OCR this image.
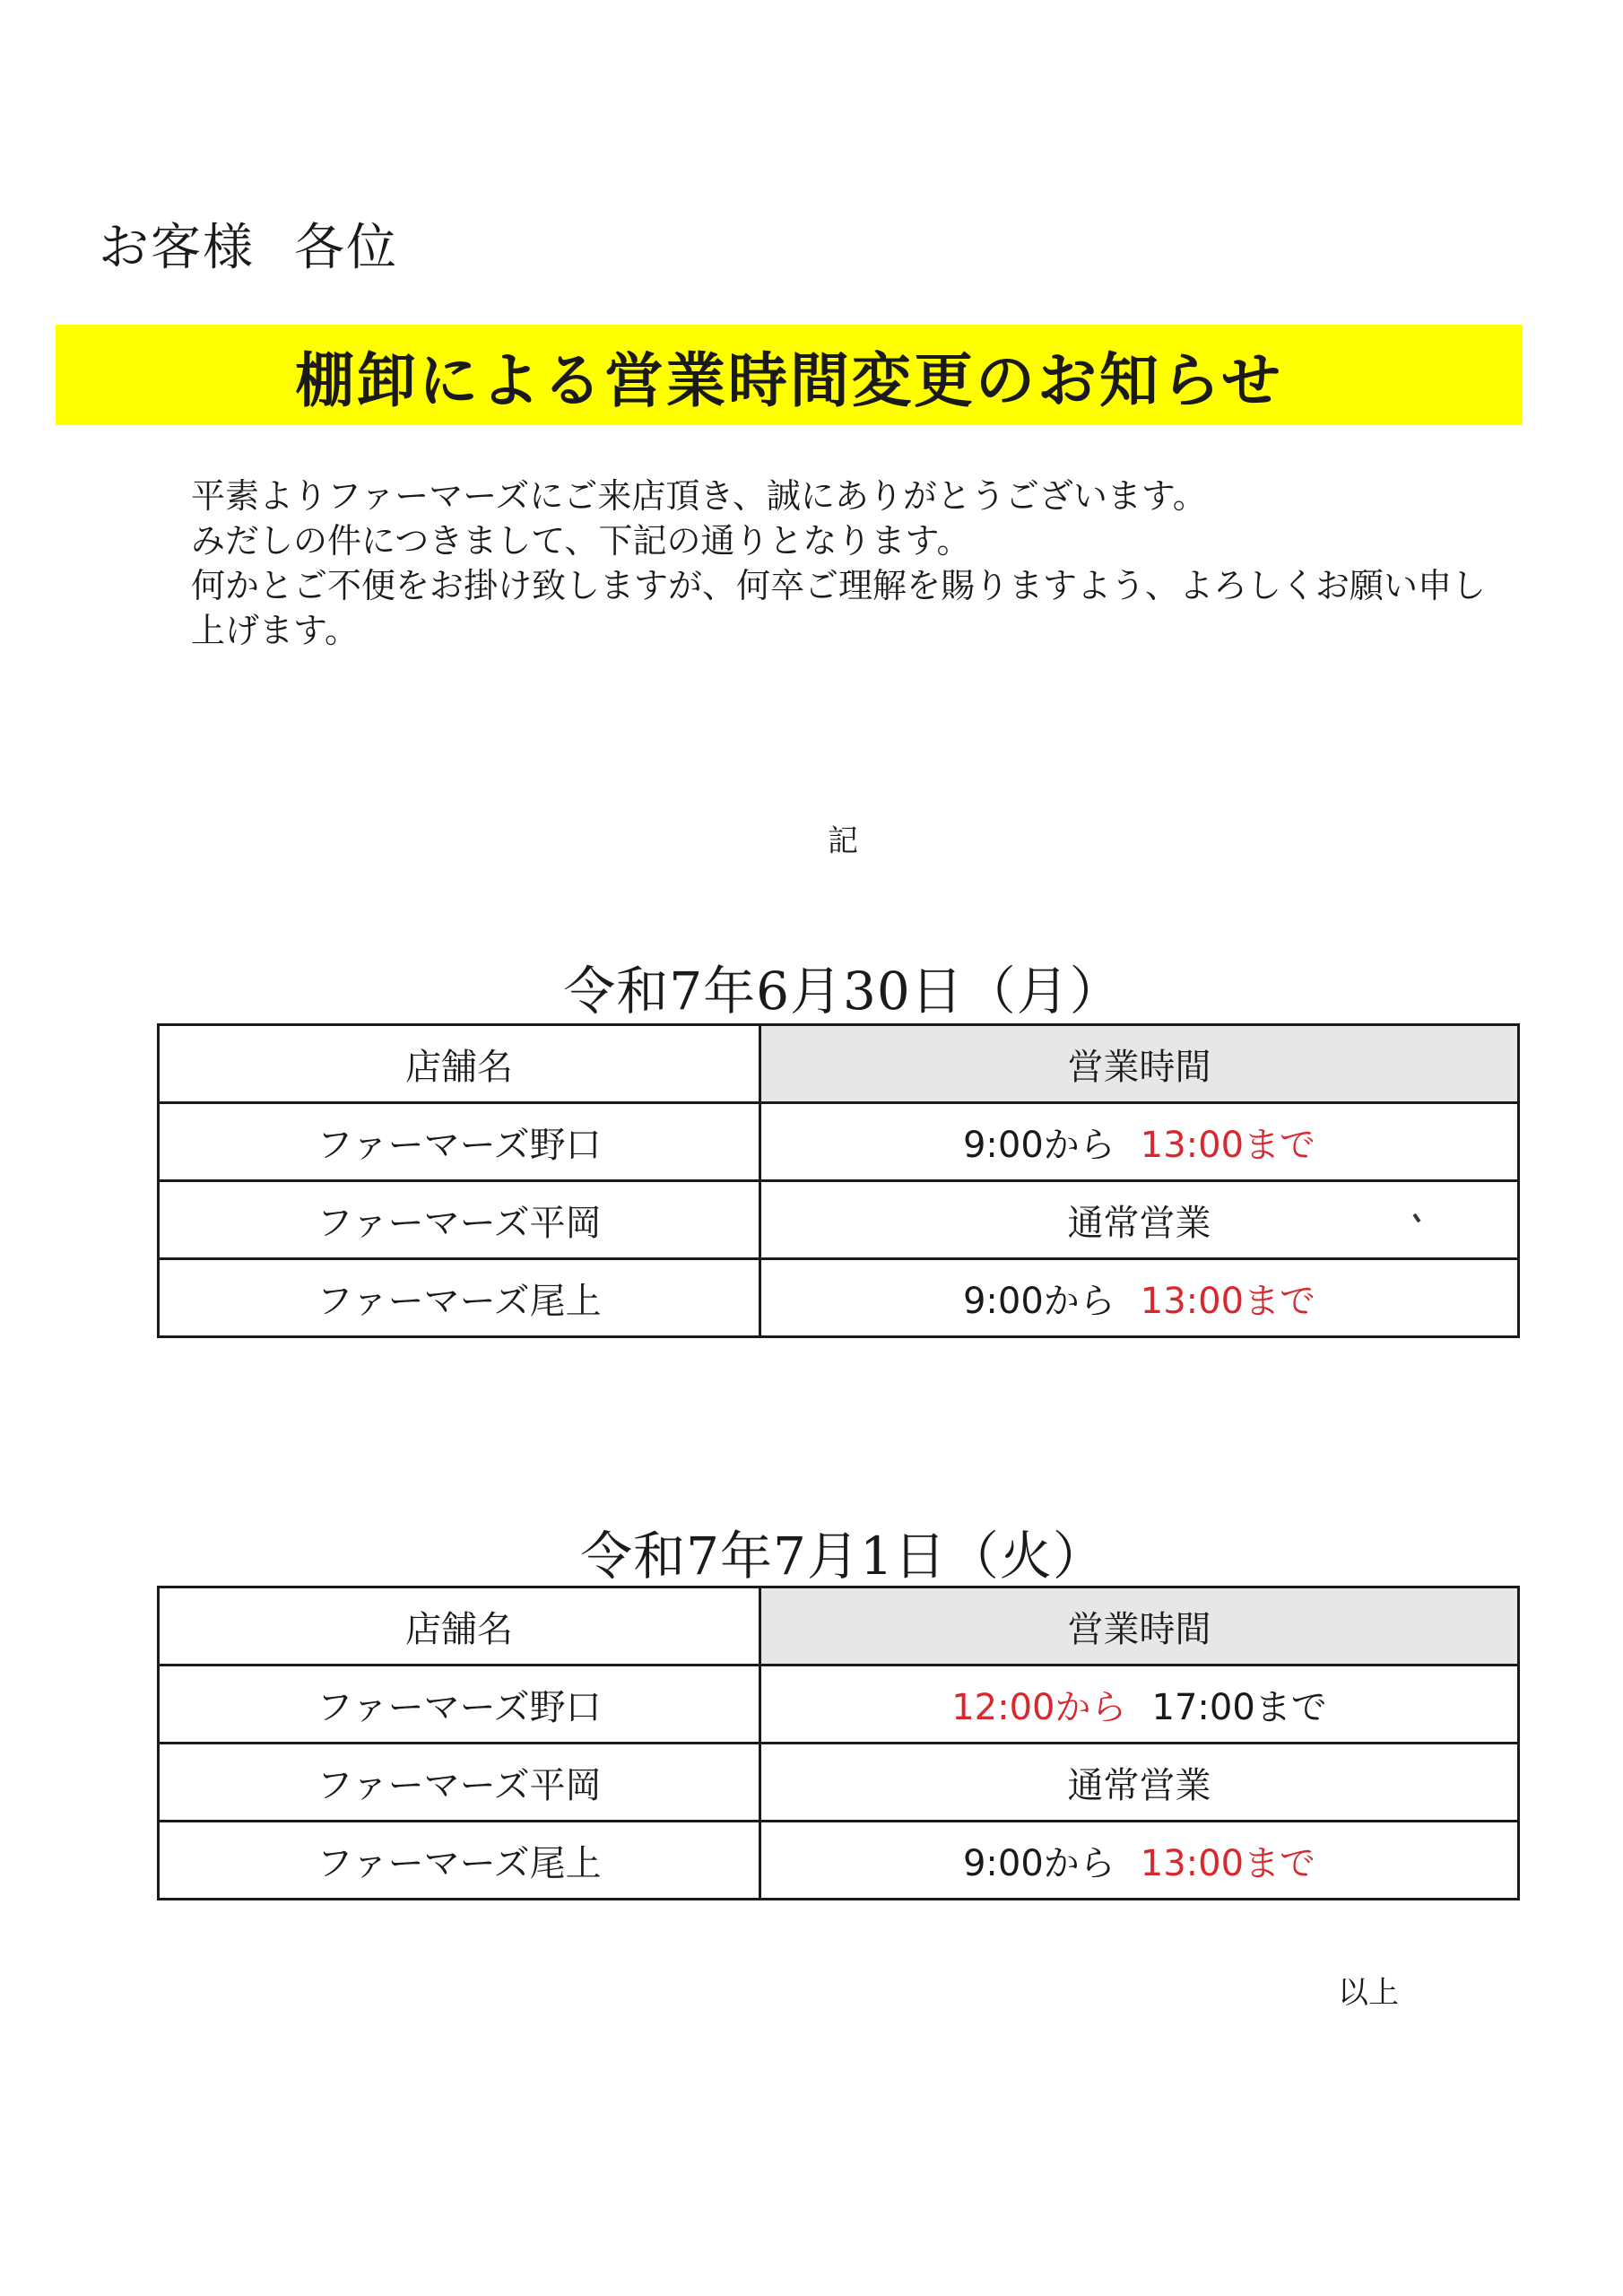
お客様 各位
棚卸による営業時間変更のお知らせ

平素よりファーマーズにご来店頂き、誠にありがとうございます。

みだしの件につきまして、下記の通りとなります。

何かとご不便をお掛け致しますが、何卒ご理解を賜りますよう、よろしくお願い申し

上げます。

記
令和7年6月30日（月）
店舗名	営業時間
ファーマーズ野口	9:00から 13:00まで
ファーマーズ平岡	通常営業
ファーマーズ尾上	9:00から 13:00まで
令和7年7月1日（火）
店舗名	営業時間
ファーマーズ野口	12:00から 17:00まで
ファーマーズ平岡	通常営業
ファーマーズ尾上	9:00から 13:00まで
以上
